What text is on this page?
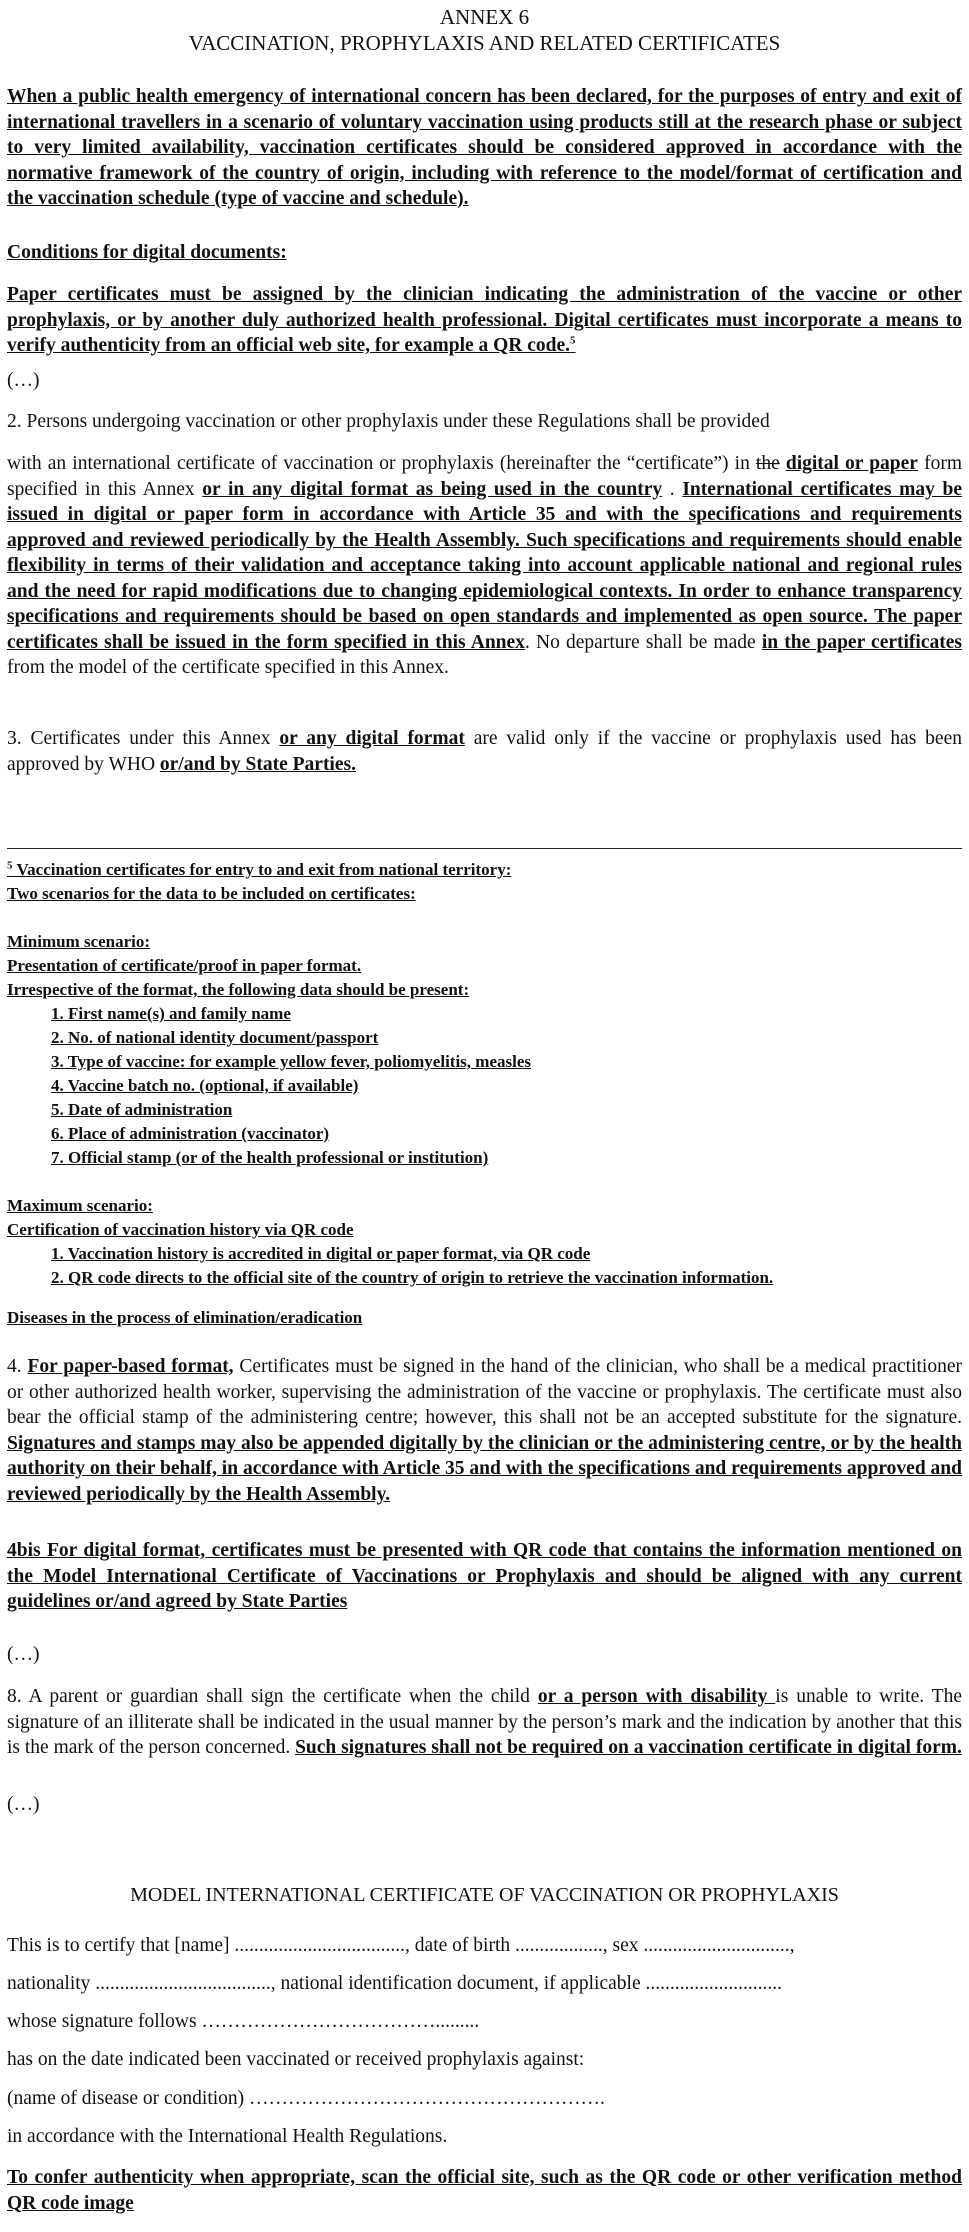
ANNEX 6
VACCINATION, PROPHYLAXIS AND RELATED CERTIFICATES

When a public health emergency of international concern has been declared, for the purposes of entry and exit of international travellers in a scenario of voluntary vaccination using products still at the research phase or subject to very limited availability, vaccination certificates should be considered approved in accordance with the normative framework of the country of origin, including with reference to the model/format of certification and the vaccination schedule (type of vaccine and schedule).

Conditions for digital documents:

Paper certificates must be assigned by the clinician indicating the administration of the vaccine or other prophylaxis, or by another duly authorized health professional. Digital certificates must incorporate a means to verify authenticity from an official web site, for example a QR code.$^5$

(…)

2. Persons undergoing vaccination or other prophylaxis under these Regulations shall be provided

with an international certificate of vaccination or prophylaxis (hereinafter the “certificate”) in the digital or paper form specified in this Annex or in any digital format as being used in the country . International certificates may be issued in digital or paper form in accordance with Article 35 and with the specifications and requirements approved and reviewed periodically by the Health Assembly. Such specifications and requirements should enable flexibility in terms of their validation and acceptance taking into account applicable national and regional rules and the need for rapid modifications due to changing epidemiological contexts. In order to enhance transparency specifications and requirements should be based on open standards and implemented as open source. The paper certificates shall be issued in the form specified in this Annex. No departure shall be made in the paper certificates from the model of the certificate specified in this Annex.

3. Certificates under this Annex or any digital format are valid only if the vaccine or prophylaxis used has been approved by WHO or/and by State Parties.

$^5$ Vaccination certificates for entry to and exit from national territory:
Two scenarios for the data to be included on certificates:
Minimum scenario:
Presentation of certificate/proof in paper format.
Irrespective of the format, the following data should be present:
1. First name(s) and family name
2. No. of national identity document/passport
3. Type of vaccine: for example yellow fever, poliomyelitis, measles
4. Vaccine batch no. (optional, if available)
5. Date of administration
6. Place of administration (vaccinator)
7. Official stamp (or of the health professional or institution)
Maximum scenario:
Certification of vaccination history via QR code
1. Vaccination history is accredited in digital or paper format, via QR code
2. QR code directs to the official site of the country of origin to retrieve the vaccination information.
Diseases in the process of elimination/eradication

4. For paper-based format, Certificates must be signed in the hand of the clinician, who shall be a medical practitioner or other authorized health worker, supervising the administration of the vaccine or prophylaxis. The certificate must also bear the official stamp of the administering centre; however, this shall not be an accepted substitute for the signature. Signatures and stamps may also be appended digitally by the clinician or the administering centre, or by the health authority on their behalf, in accordance with Article 35 and with the specifications and requirements approved and reviewed periodically by the Health Assembly.

4bis For digital format, certificates must be presented with QR code that contains the information mentioned on the Model International Certificate of Vaccinations or Prophylaxis and should be aligned with any current guidelines or/and agreed by State Parties

(…)

8. A parent or guardian shall sign the certificate when the child or a person with disability is unable to write. The signature of an illiterate shall be indicated in the usual manner by the person’s mark and the indication by another that this is the mark of the person concerned. Such signatures shall not be required on a vaccination certificate in digital form.

(…)

MODEL INTERNATIONAL CERTIFICATE OF VACCINATION OR PROPHYLAXIS

This is to certify that [name] ..................................., date of birth .................., sex ..............................,

nationality ...................................., national identification document, if applicable ............................

whose signature follows ……………………………….........

has on the date indicated been vaccinated or received prophylaxis against:

(name of disease or condition) ……………………………………………….

in accordance with the International Health Regulations.

To confer authenticity when appropriate, scan the official site, such as the QR code or other verification method QR code image
